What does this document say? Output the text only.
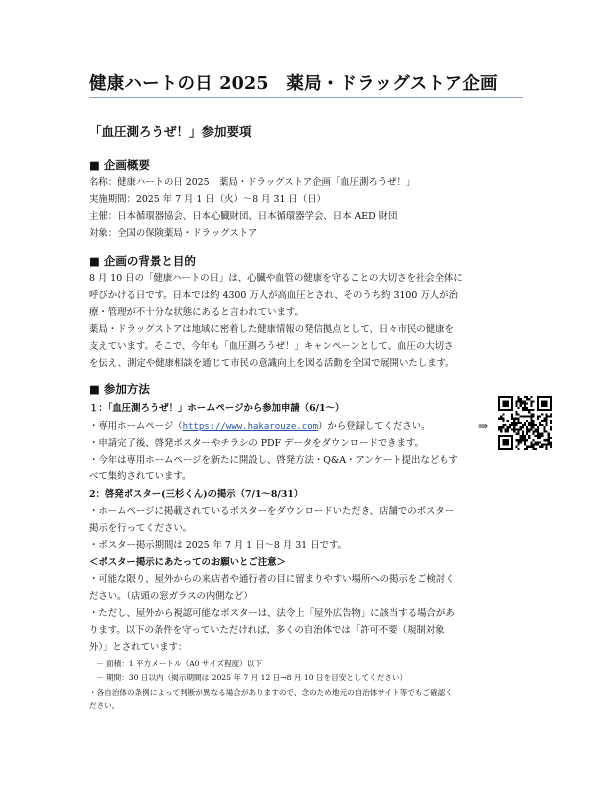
健康ハートの日 2025　薬局・ドラッグストア企画
「血圧測ろうぜ！」参加要項
■ 企画概要
名称：健康ハートの日 2025　薬局・ドラッグストア企画「血圧測ろうぜ！」
実施期間：2025 年 7 月 1 日（火）～8 月 31 日（日）
主催：日本循環器協会、日本心臓財団、日本循環器学会、日本 AED 財団
対象：全国の保険薬局・ドラッグストア
■ 企画の背景と目的
8 月 10 日の「健康ハートの日」は、心臓や血管の健康を守ることの大切さを社会全体に
呼びかける日です。日本では約 4300 万人が高血圧とされ、そのうち約 3100 万人が治
療・管理が不十分な状態にあると言われています。
薬局・ドラッグストアは地域に密着した健康情報の発信拠点として、日々市民の健康を
支えています。そこで、今年も「血圧測ろうぜ！」キャンペーンとして、血圧の大切さ
を伝え、測定や健康相談を通じて市民の意識向上を図る活動を全国で展開いたします。
■ 参加方法
１：「血圧測ろうぜ！」ホームページから参加申請（6/1～）
・専用ホームページ（https://www.hakarouze.com）から登録してください。	⇒
・申請完了後、啓発ポスターやチラシの PDF データをダウンロードできます。
・今年は専用ホームページを新たに開設し、啓発方法・Q&A・アンケート提出などもす
べて集約されています。
2：啓発ポスター(三杉くん)の掲示（7/1～8/31）
・ホームページに掲載されているポスターをダウンロードいただき、店舗でのポスター
掲示を行ってください。
・ポスター掲示期間は 2025 年 7 月 1 日～8 月 31 日です。
＜ポスター掲示にあたってのお願いとご注意＞
・可能な限り、屋外からの来店者や通行者の目に留まりやすい場所への掲示をご検討く
ださい。（店頭の窓ガラスの内側など）
・ただし、屋外から視認可能なポスターは、法令上「屋外広告物」に該当する場合があ
ります。以下の条件を守っていただければ、多くの自治体では「許可不要（規制対象
外）」とされています：
－ 面積：1 平方メートル（A0 サイズ程度）以下
－ 期間：30 日以内（掲示期間は 2025 年 7 月 12 日→8 月 10 日を目安としてください）
・各自治体の条例によって判断が異なる場合がありますので、念のため地元の自治体サイト等でもご確認く
ださい。
